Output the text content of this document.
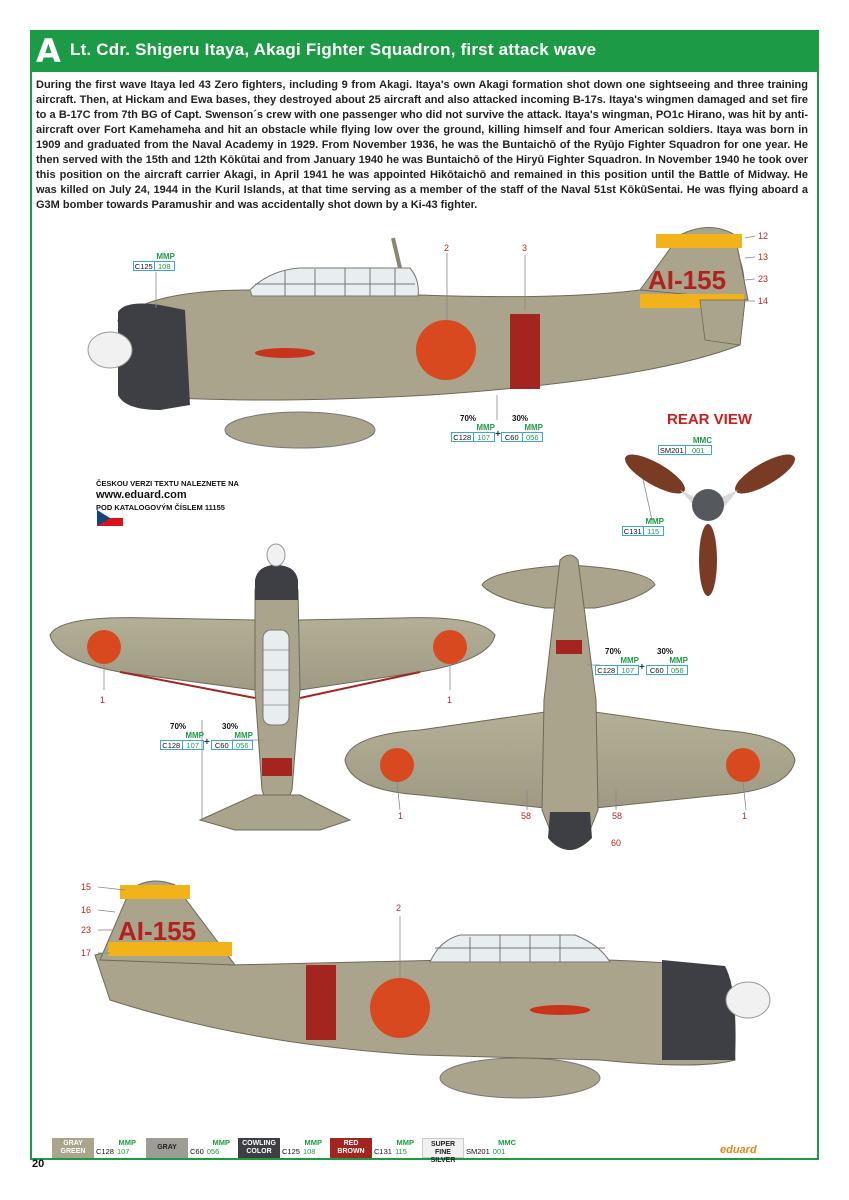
A Lt. Cdr. Shigeru Itaya, Akagi Fighter Squadron, first attack wave
During the first wave Itaya led 43 Zero fighters, including 9 from Akagi. Itaya's own Akagi formation shot down one sightseeing and three training aircraft. Then, at Hickam and Ewa bases, they destroyed about 25 aircraft and also attacked incoming B-17s. Itaya's wingmen damaged and set fire to a B-17C from 7th BG of Capt. Swenson´s crew with one passenger who did not survive the attack. Itaya's wingman, PO1c Hirano, was hit by anti-aircraft over Fort Kamehameha and hit an obstacle while flying low over the ground, killing himself and four American soldiers. Itaya was born in 1909 and graduated from the Naval Academy in 1929. From November 1936, he was the Buntaichō of the Ryūjo Fighter Squadron for one year. He then served with the 15th and 12th Kōkūtai and from January 1940 he was Buntaichō of the Hiryū Fighter Squadron. In November 1940 he took over this position on the aircraft carrier Akagi, in April 1941 he was appointed Hikōtaichō and remained in this position until the Battle of Midway. He was killed on July 24, 1944 in the Kuril Islands, at that time serving as a member of the staff of the Naval 51st KōkūSentai. He was flying aboard a G3M bomber towards Paramushir and was accidentally shot down by a Ki-43 fighter.
AI-155
AI-155
ČESKOU VERZI TEXTU NALEZNETE NA
www.eduard.com
POD KATALOGOVÝM ČÍSLEM 11155
REAR VIEW
MMP
C125 108
70%
MMP
C128 107 +
30%
MMP
C60 056	MMC
SM201	001
MMP
C131 115
70%
MMP
C128 107 +
30%
MMP
C60 056
70%
MMP
C128 107 +
30%
MMP
C60 056
2	3
12
13
23
14
1	1
1	58	58	1
60
15
16
23
17
2
GRAY GREEN
MMP
C128 107	GRAY
MMP
C60 056
COWLING COLOR
MMP
C125 108
RED BROWN
MMP
C131 115
SUPER FINE SILVER
MMC
SM201 001
20
eduard
